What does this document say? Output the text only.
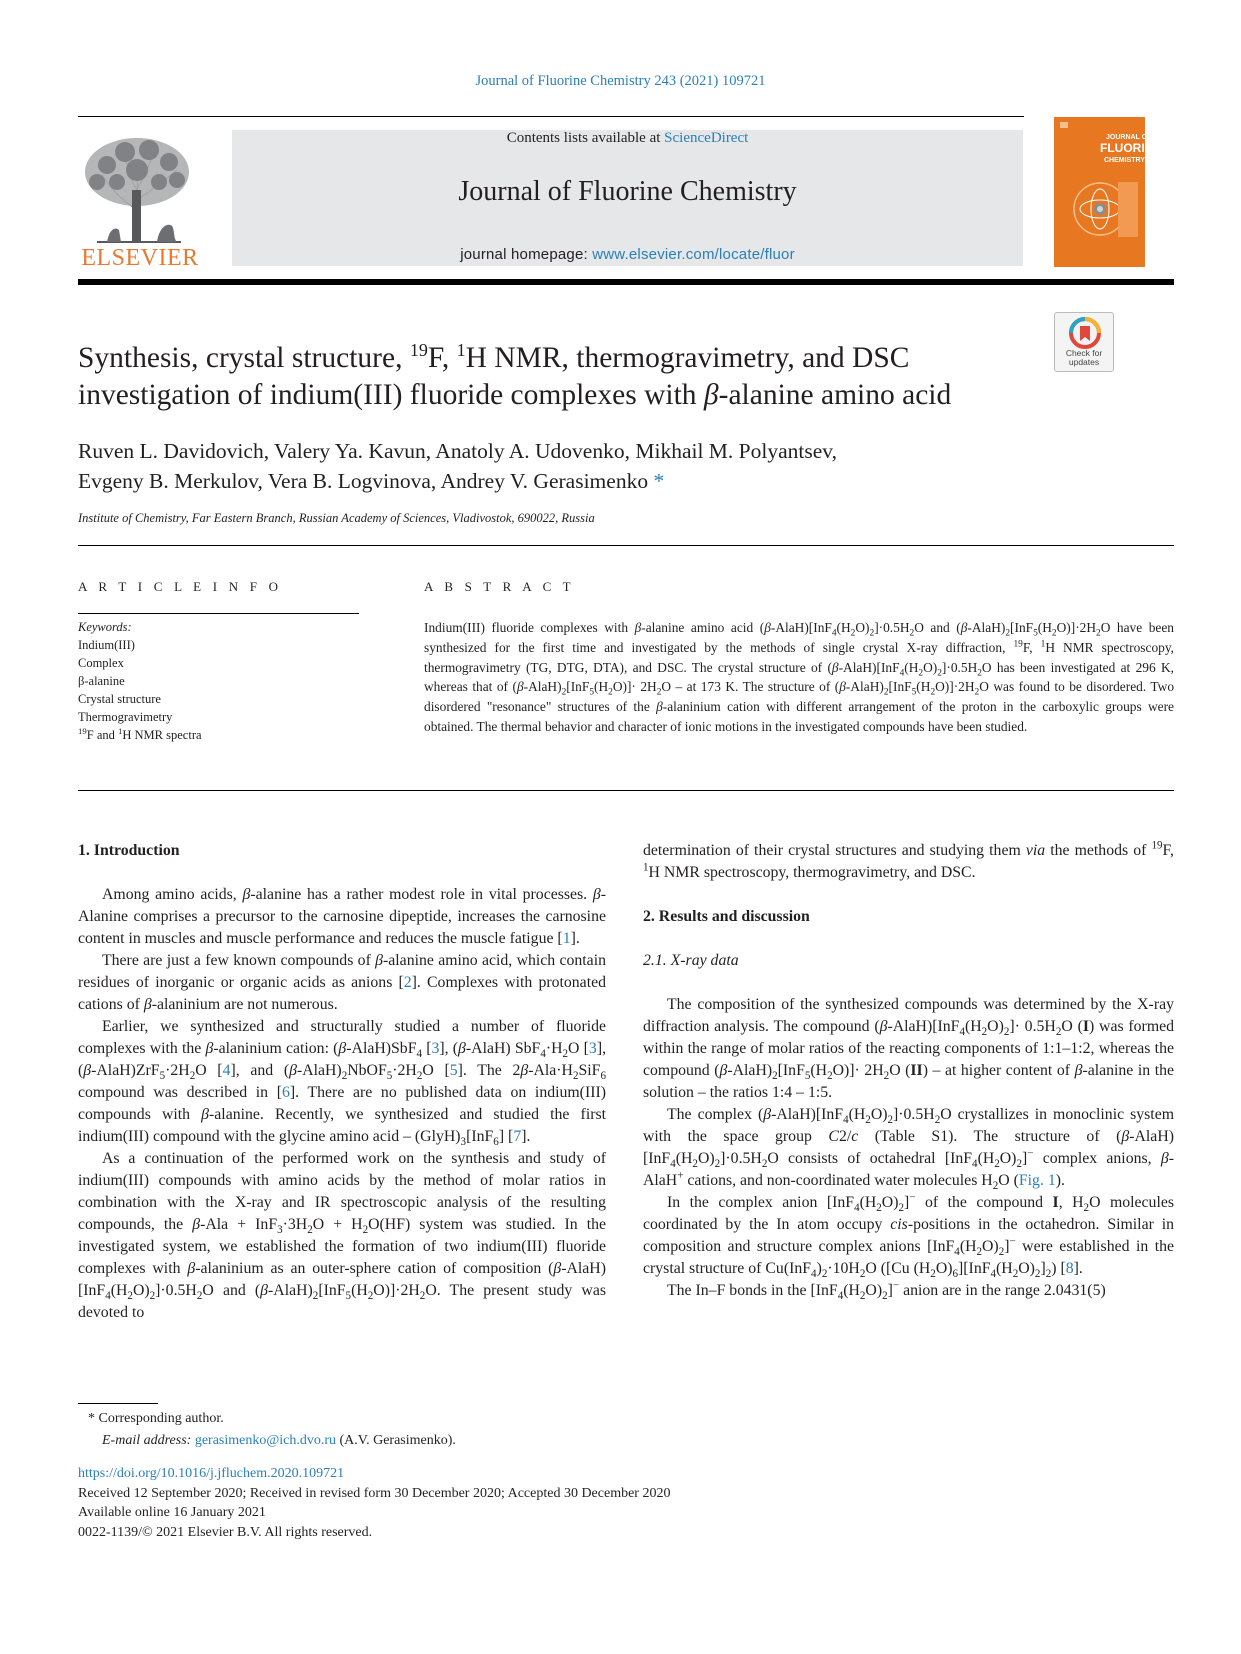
Journal of Fluorine Chemistry 243 (2021) 109721
ELSEVIER
Contents lists available at ScienceDirect
Journal of Fluorine Chemistry
journal homepage: www.elsevier.com/locate/fluor
JOURNAL OF
FLUORINE
CHEMISTRY
Check for updates
Synthesis, crystal structure, $^{19}$F, $^1$H NMR, thermogravimetry, and DSC
investigation of indium(III) fluoride complexes with β-alanine amino acid
Ruven L. Davidovich, Valery Ya. Kavun, Anatoly A. Udovenko, Mikhail M. Polyantsev,
Evgeny B. Merkulov, Vera B. Logvinova, Andrey V. Gerasimenko *
Institute of Chemistry, Far Eastern Branch, Russian Academy of Sciences, Vladivostok, 690022, Russia
A R T I C L E I N F O	A B S T R A C T
Keywords:
Indium(III)
Complex
β-alanine
Crystal structure
Thermogravimetry
$^{19}$F and $^1$H NMR spectra
Indium(III) fluoride complexes with β-alanine amino acid $(\beta-AlaH)[InF_4(H_2O)_2]\cdot 0.5H_2O$ and $(\beta-AlaH)_2[InF_5(H_2O)]\cdot 2H_2O$ have been synthesized for the first time and investigated by the methods of single crystal X-ray diffraction, $^{19}$F, $^1$H NMR spectroscopy, thermogravimetry (TG, DTG, DTA), and DSC. The crystal structure of $(\beta-AlaH)[InF_4(H_2O)_2]\cdot 0.5H_2O$ has been investigated at 296 K, whereas that of $(\beta-AlaH)_2[InF_5(H_2O)]\cdot 2H_2O$ – at 173 K. The structure of $(\beta-AlaH)_2[InF_5(H_2O)]\cdot 2H_2O$ was found to be disordered. Two disordered "resonance" structures of the β-alaninium cation with different arrangement of the proton in the carboxylic groups were obtained. The thermal behavior and character of ionic motions in the investigated compounds have been studied.
1. Introduction

Among amino acids, β-alanine has a rather modest role in vital processes. β-Alanine comprises a precursor to the carnosine dipeptide, increases the carnosine content in muscles and muscle performance and reduces the muscle fatigue [1].

There are just a few known compounds of β-alanine amino acid, which contain residues of inorganic or organic acids as anions [2]. Complexes with protonated cations of β-alaninium are not numerous.

Earlier, we synthesized and structurally studied a number of fluoride complexes with the β-alaninium cation: (β-AlaH)SbF$_4$ [3], (β-AlaH) $SbF_4\cdot H_2O$ [3], $(\beta-AlaH)ZrF_5\cdot 2H_2O$ [4], and $(\beta-AlaH)_2NbOF_5\cdot 2H_2O$ [5]. The $2\beta-Ala\cdot H_2SiF_6$ compound was described in [6]. There are no published data on indium(III) compounds with β-alanine. Recently, we synthesized and studied the first indium(III) compound with the glycine amino acid – $(GlyH)_3[InF_6]$ [7].

As a continuation of the performed work on the synthesis and study of indium(III) compounds with amino acids by the method of molar ratios in combination with the X-ray and IR spectroscopic analysis of the resulting compounds, the $\beta-Ala + InF_3\cdot 3H_2O + H_2O(HF)$ system was studied. In the investigated system, we established the formation of two indium(III) fluoride complexes with β-alaninium as an outer-sphere cation of composition $(\beta-AlaH)[InF_4(H_2O)_2]\cdot 0.5H_2O$ and $(\beta-AlaH)_2[InF_5(H_2O)]\cdot 2H_2O$. The present study was devoted to

determination of their crystal structures and studying them via the methods of $^{19}$F, $^1$H NMR spectroscopy, thermogravimetry, and DSC.

2. Results and discussion
2.1. X-ray data

The composition of the synthesized compounds was determined by the X-ray diffraction analysis. The compound $(\beta-AlaH)[InF_4(H_2O)_2]\cdot 0.5H_2O$ (I) was formed within the range of molar ratios of the reacting components of 1:1–1:2, whereas the compound $(\beta-AlaH)_2[InF_5(H_2O)]\cdot 2H_2O$ (II) – at higher content of β-alanine in the solution – the ratios 1:4 – 1:5.

The complex $(\beta-AlaH)[InF_4(H_2O)_2]\cdot 0.5H_2O$ crystallizes in monoclinic system with the space group C2/c (Table S1). The structure of $(\beta-AlaH)[InF_4(H_2O)_2]\cdot 0.5H_2O$ consists of octahedral $[InF_4(H_2O)_2]^-$ complex anions, β-AlaH+ cations, and non-coordinated water molecules $H_2O$ (Fig. 1).

In the complex anion $[InF_4(H_2O)_2]^-$ of the compound I, $H_2O$ molecules coordinated by the In atom occupy cis-positions in the octahedron. Similar in composition and structure complex anions $[InF_4(H_2O)_2]^-$ were established in the crystal structure of $Cu(InF_4)_2\cdot 10H_2O$ ([Cu $(H_2O)_6][InF_4(H_2O)_2]_2$) [8].

The In–F bonds in the $[InF_4(H_2O)_2]^-$ anion are in the range 2.0431(5)

* Corresponding author.
E-mail address: gerasimenko@ich.dvo.ru (A.V. Gerasimenko).
https://doi.org/10.1016/j.jfluchem.2020.109721
Received 12 September 2020; Received in revised form 30 December 2020; Accepted 30 December 2020
Available online 16 January 2021
0022-1139/© 2021 Elsevier B.V. All rights reserved.
